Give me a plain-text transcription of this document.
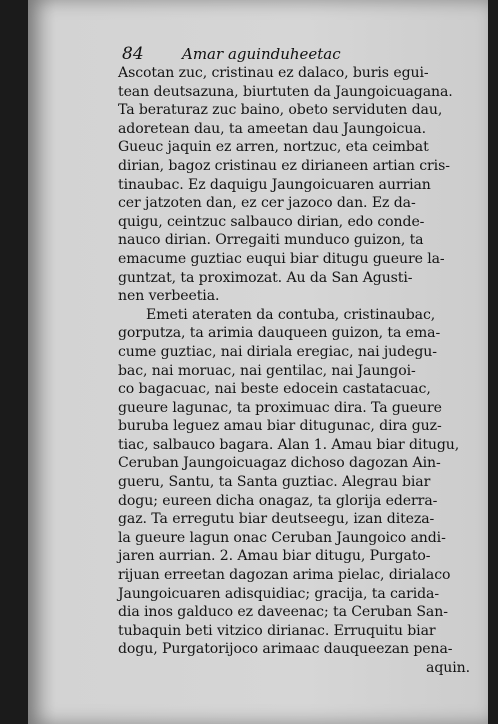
84	Amar aguinduheetac
Ascotan zuc, cristinau ez dalaco, buris egui-
tean deutsazuna, biurtuten da Jaungoicuagana.
Ta beraturaz zuc baino, obeto serviduten dau,
adoretean dau, ta ameetan dau Jaungoicua.
Gueuc jaquin ez arren, nortzuc, eta ceimbat
dirian, bagoz cristinau ez dirianeen artian cris-
tinaubac. Ez daquigu Jaungoicuaren aurrian
cer jatzoten dan, ez cer jazoco dan. Ez da-
quigu, ceintzuc salbauco dirian, edo conde-
nauco dirian. Orregaiti munduco guizon, ta
emacume guztiac euqui biar ditugu gueure la-
guntzat, ta proximozat. Au da San Agusti-
nen verbeetia.
Emeti ateraten da contuba, cristinaubac,
gorputza, ta arimia dauqueen guizon, ta ema-
cume guztiac, nai diriala eregiac, nai judegu-
bac, nai moruac, nai gentilac, nai Jaungoi-
co bagacuac, nai beste edocein castatacuac,
gueure lagunac, ta proximuac dira. Ta gueure
buruba leguez amau biar ditugunac, dira guz-
tiac, salbauco bagara. Alan 1. Amau biar ditugu,
Ceruban Jaungoicuagaz dichoso dagozan Ain-
gueru, Santu, ta Santa guztiac. Alegrau biar
dogu; eureen dicha onagaz, ta glorija ederra-
gaz. Ta erregutu biar deutseegu, izan diteza-
la gueure lagun onac Ceruban Jaungoico andi-
jaren aurrian. 2. Amau biar ditugu, Purgato-
rijuan erreetan dagozan arima pielac, dirialaco
Jaungoicuaren adisquidiac; gracija, ta carida-
dia inos galduco ez daveenac; ta Ceruban San-
tubaquin beti vitzico dirianac. Erruquitu biar
dogu, Purgatorijoco arimaac dauqueezan pena-
aquin.
